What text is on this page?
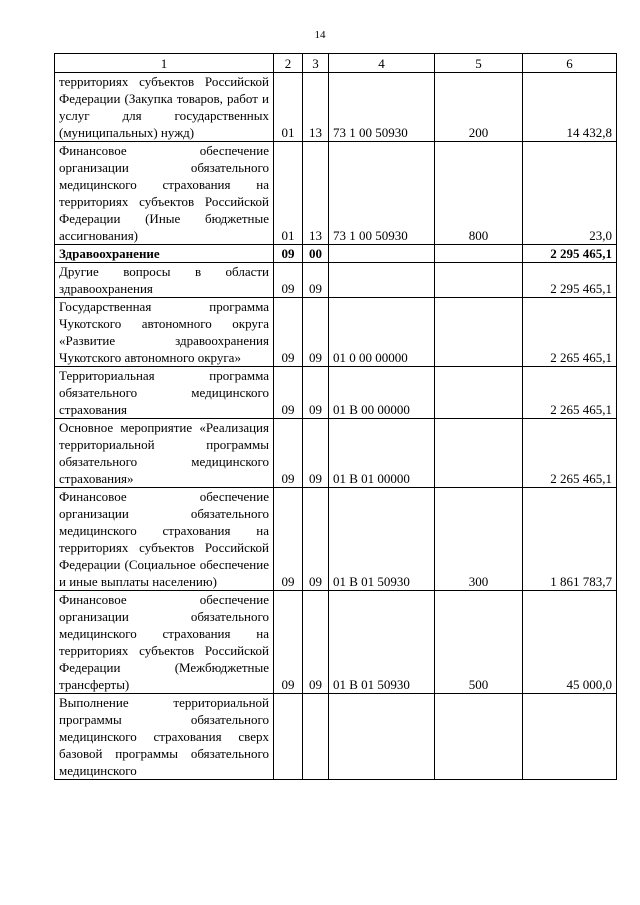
14
1	2	3	4	5	6
территориях субъектов Российской Федерации (Закупка товаров, работ и услуг для государственных (муниципальных) нужд)	01	13	73 1 00 50930	200	14 432,8
Финансовое обеспечение организации обязательного медицинского страхования на территориях субъектов Российской Федерации (Иные бюджетные ассигнования)	01	13	73 1 00 50930	800	23,0
Здравоохранение	09	00			2 295 465,1
Другие вопросы в области здравоохранения	09	09			2 295 465,1
Государственная программа Чукотского автономного округа «Развитие здравоохранения Чукотского автономного округа»	09	09	01 0 00 00000		2 265 465,1
Территориальная программа обязательного медицинского страхования	09	09	01 В 00 00000		2 265 465,1
Основное мероприятие «Реализация территориальной программы обязательного медицинского страхования»	09	09	01 В 01 00000		2 265 465,1
Финансовое обеспечение организации обязательного медицинского страхования на территориях субъектов Российской Федерации (Социальное обеспечение и иные выплаты населению)	09	09	01 В 01 50930	300	1 861 783,7
Финансовое обеспечение организации обязательного медицинского страхования на территориях субъектов Российской Федерации (Межбюджетные трансферты)	09	09	01 В 01 50930	500	45 000,0
Выполнение территориальной программы обязательного медицинского страхования сверх базовой программы обязательного медицинского					
